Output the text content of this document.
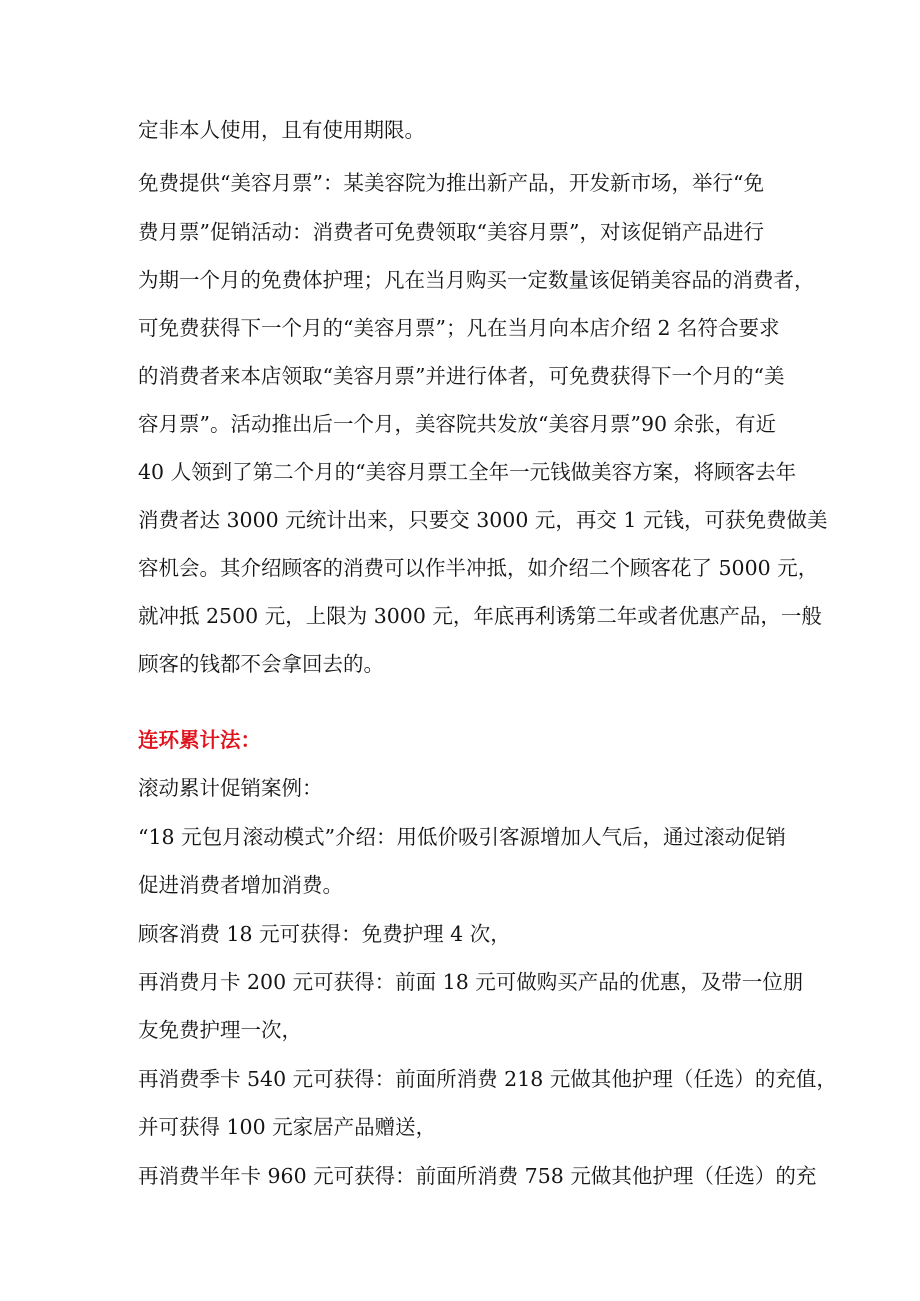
定非本人使用，且有使用期限。
免费提供“美容月票”：某美容院为推出新产品，开发新市场，举行“免
费月票”促销活动：消费者可免费领取“美容月票”，对该促销产品进行
为期一个月的免费体护理；凡在当月购买一定数量该促销美容品的消费者，
可免费获得下一个月的“美容月票”；凡在当月向本店介绍 2 名符合要求
的消费者来本店领取“美容月票”并进行体者，可免费获得下一个月的“美
容月票”。活动推出后一个月，美容院共发放“美容月票”90 余张，有近
40 人领到了第二个月的“美容月票工全年一元钱做美容方案，将顾客去年
消费者达 3000 元统计出来，只要交 3000 元，再交 1 元钱，可获免费做美
容机会。其介绍顾客的消费可以作半冲抵，如介绍二个顾客花了 5000 元，
就冲抵 2500 元，上限为 3000 元，年底再利诱第二年或者优惠产品，一般
顾客的钱都不会拿回去的。
连环累计法：
滚动累计促销案例：
“18 元包月滚动模式”介绍：用低价吸引客源增加人气后，通过滚动促销
促进消费者增加消费。
顾客消费 18 元可获得：免费护理 4 次，
再消费月卡 200 元可获得：前面 18 元可做购买产品的优惠，及带一位朋
友免费护理一次，
再消费季卡 540 元可获得：前面所消费 218 元做其他护理（任选）的充值，
并可获得 100 元家居产品赠送，
再消费半年卡 960 元可获得：前面所消费 758 元做其他护理（任选）的充
